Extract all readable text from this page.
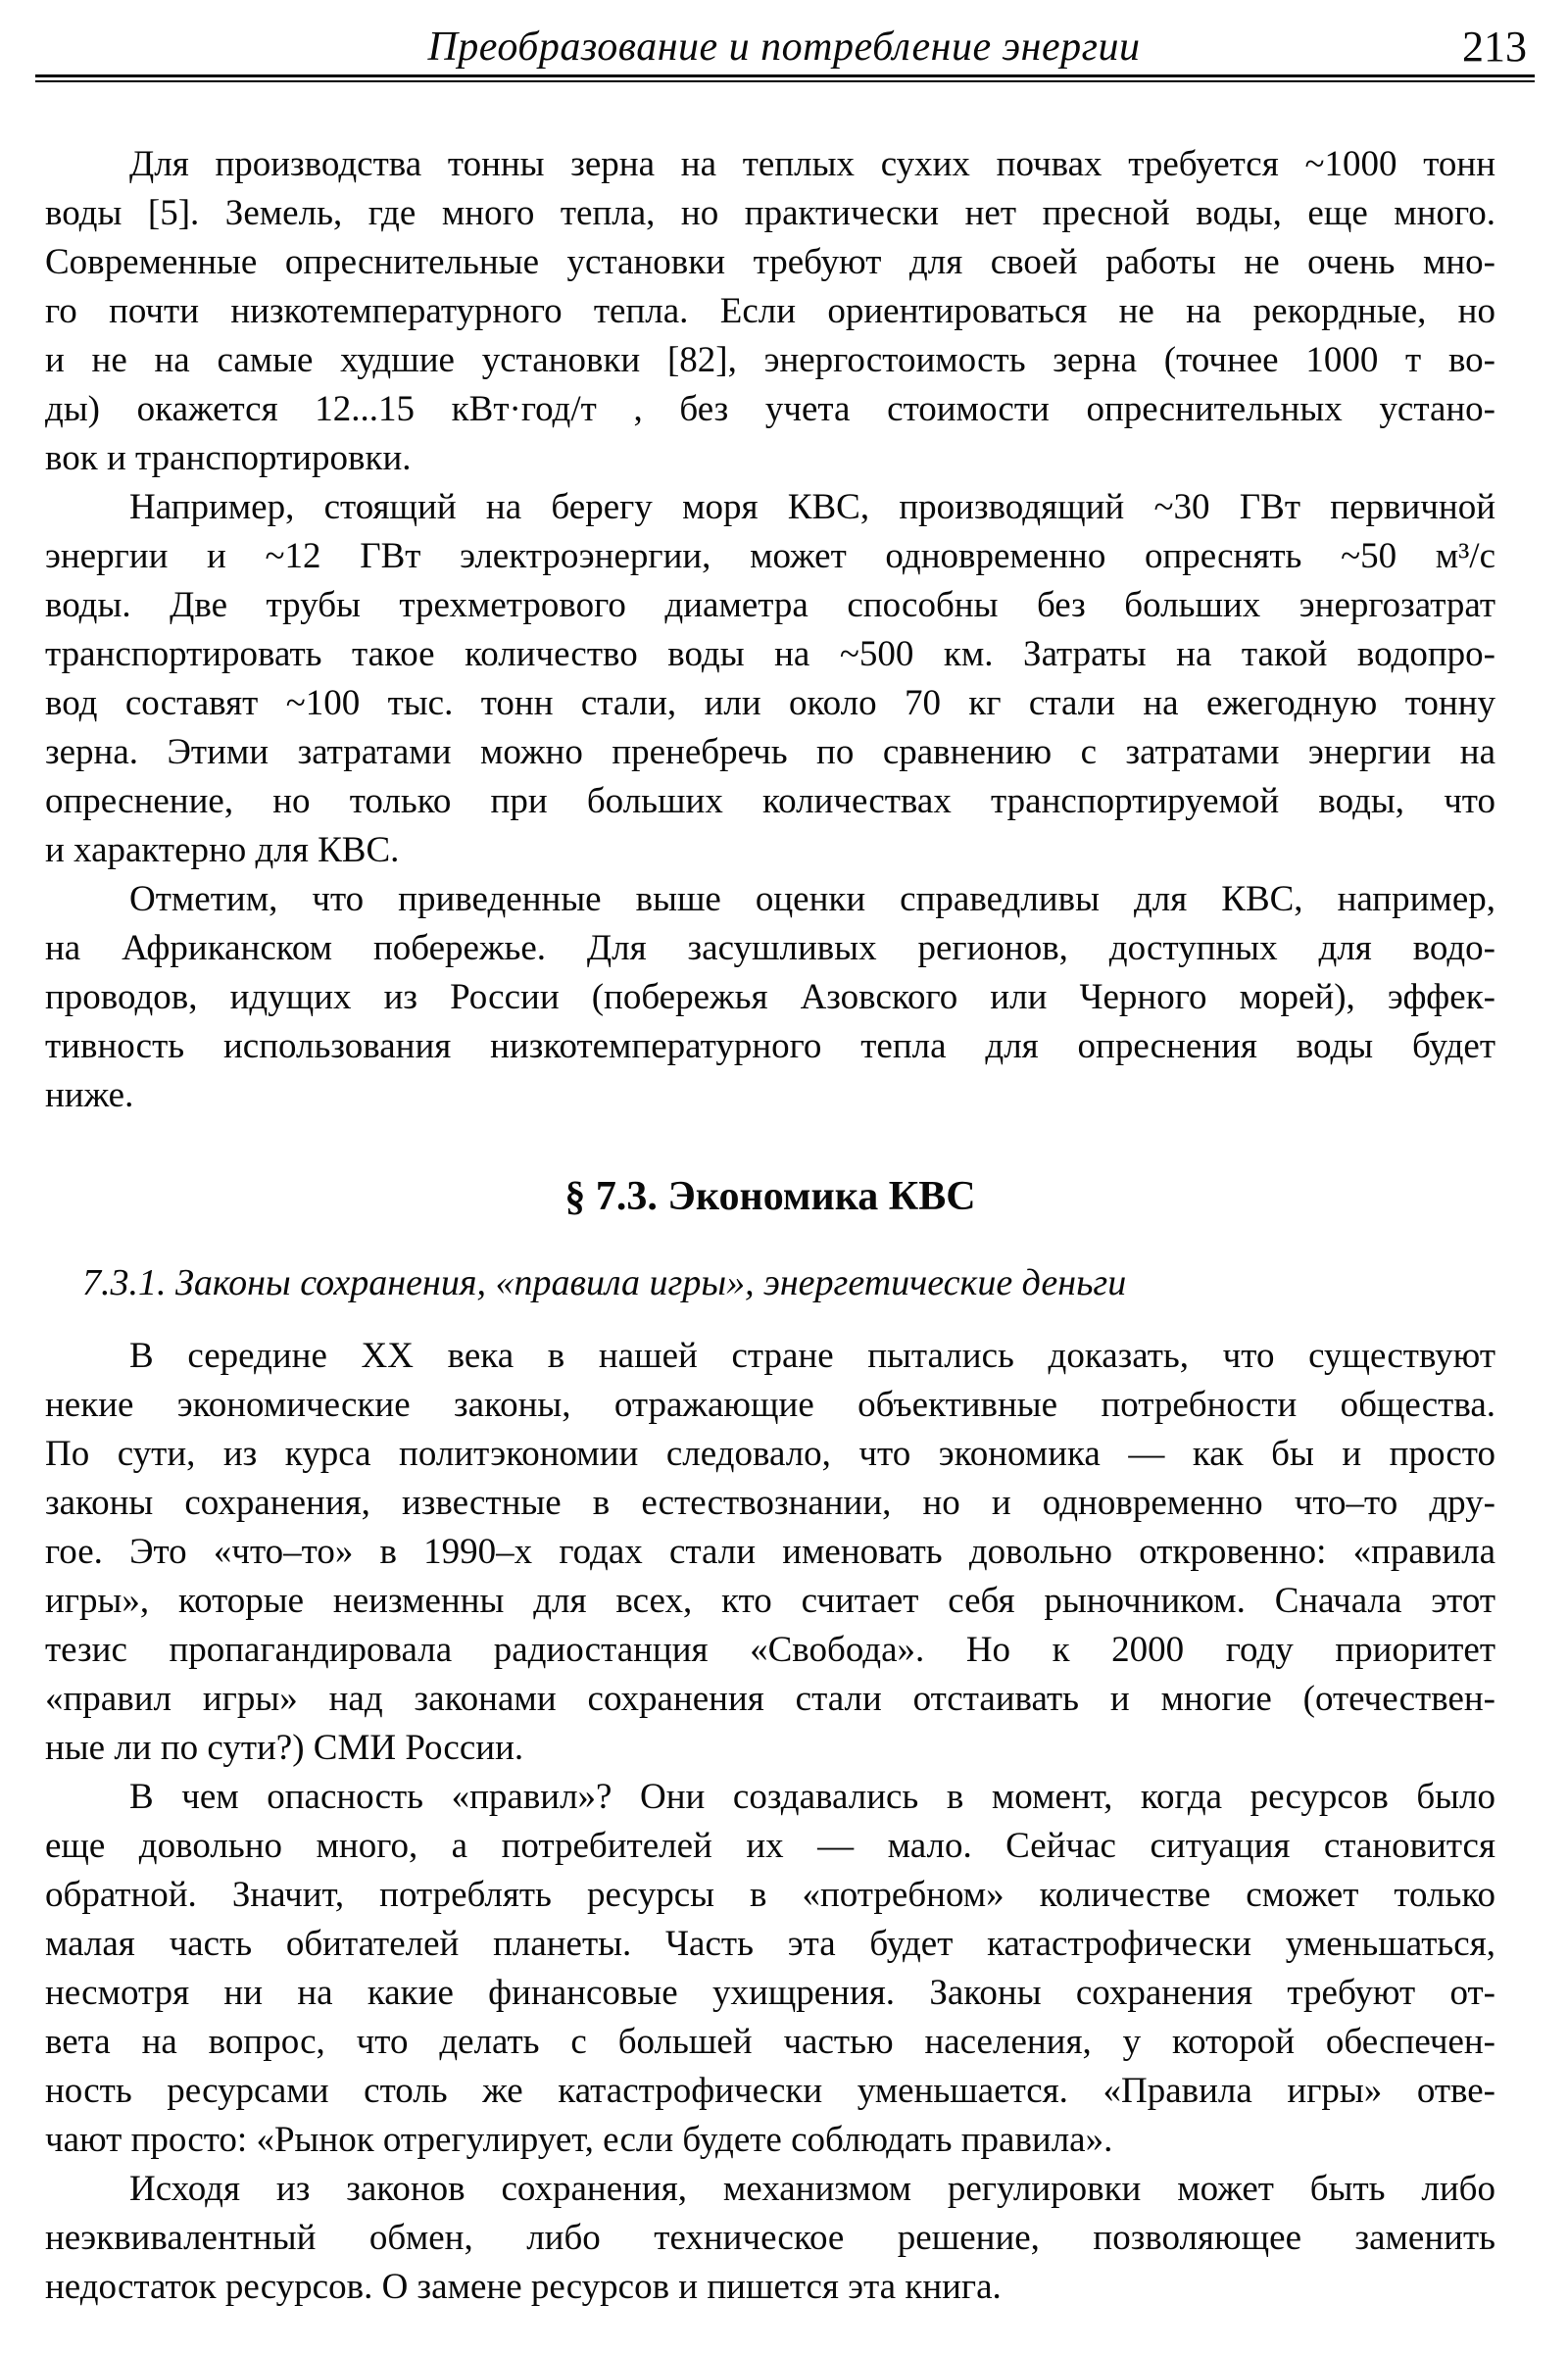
Преобразование и потребление энергии	213
Для производства тонны зерна на теплых сухих почвах требуется ~1000 тонн
воды [5]. Земель, где много тепла, но практически нет пресной воды, еще много.
Современные опреснительные установки требуют для своей работы не очень мно-
го почти низкотемпературного тепла. Если ориентироваться не на рекордные, но
и не на самые худшие установки [82], энергостоимость зерна (точнее 1000 т во-
ды) окажется 12...15 кВт·год/т , без учета стоимости опреснительных устано-
вок и транспортировки.
Например, стоящий на берегу моря КВС, производящий ~30 ГВт первичной
энергии и ~12 ГВт электроэнергии, может одновременно опреснять ~50 м³/с
воды. Две трубы трехметрового диаметра способны без больших энергозатрат
транспортировать такое количество воды на ~500 км. Затраты на такой водопро-
вод составят ~100 тыс. тонн стали, или около 70 кг стали на ежегодную тонну
зерна. Этими затратами можно пренебречь по сравнению с затратами энергии на
опреснение, но только при больших количествах транспортируемой воды, что
и характерно для КВС.
Отметим, что приведенные выше оценки справедливы для КВС, например,
на Африканском побережье. Для засушливых регионов, доступных для водо-
проводов, идущих из России (побережья Азовского или Черного морей), эффек-
тивность использования низкотемпературного тепла для опреснения воды будет
ниже.
§ 7.3. Экономика КВС
7.3.1. Законы сохранения, «правила игры», энергетические деньги
В середине XX века в нашей стране пытались доказать, что существуют
некие экономические законы, отражающие объективные потребности общества.
По сути, из курса политэкономии следовало, что экономика — как бы и просто
законы сохранения, известные в естествознании, но и одновременно что–то дру-
гое. Это «что–то» в 1990–х годах стали именовать довольно откровенно: «правила
игры», которые неизменны для всех, кто считает себя рыночником. Сначала этот
тезис пропагандировала радиостанция «Свобода». Но к 2000 году приоритет
«правил игры» над законами сохранения стали отстаивать и многие (отечествен-
ные ли по сути?) СМИ России.
В чем опасность «правил»? Они создавались в момент, когда ресурсов было
еще довольно много, а потребителей их — мало. Сейчас ситуация становится
обратной. Значит, потреблять ресурсы в «потребном» количестве сможет только
малая часть обитателей планеты. Часть эта будет катастрофически уменьшаться,
несмотря ни на какие финансовые ухищрения. Законы сохранения требуют от-
вета на вопрос, что делать с большей частью населения, у которой обеспечен-
ность ресурсами столь же катастрофически уменьшается. «Правила игры» отве-
чают просто: «Рынок отрегулирует, если будете соблюдать правила».
Исходя из законов сохранения, механизмом регулировки может быть либо
неэквивалентный обмен, либо техническое решение, позволяющее заменить
недостаток ресурсов. О замене ресурсов и пишется эта книга.
